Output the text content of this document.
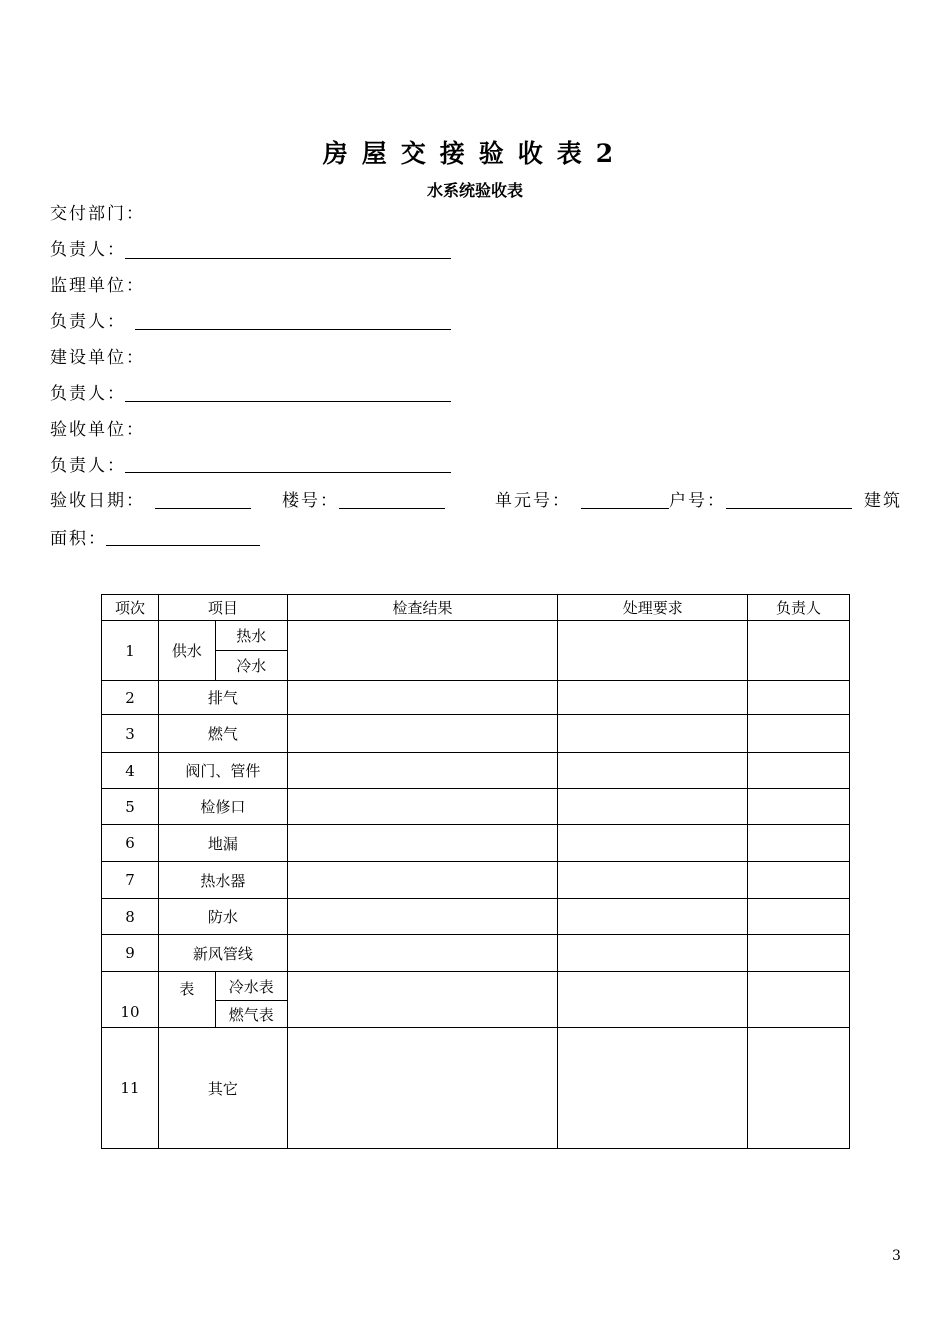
房屋交接验收表2
水系统验收表
交付部门：
负责人：
监理单位：
负责人：
建设单位：
负责人：
验收单位：
负责人：
验收日期：	楼号：	单元号：	户号：	建筑
面积：
项次	项目		检查结果	处理要求	负责人
1	供水	热水			
		冷水			
2	排气				
3	燃气				
4	阀门、管件				
5	检修口				
6	地漏				
7	热水器				
8	防水				
9	新风管线				
10	表	冷水表			
		燃气表			
11	其它				
3
